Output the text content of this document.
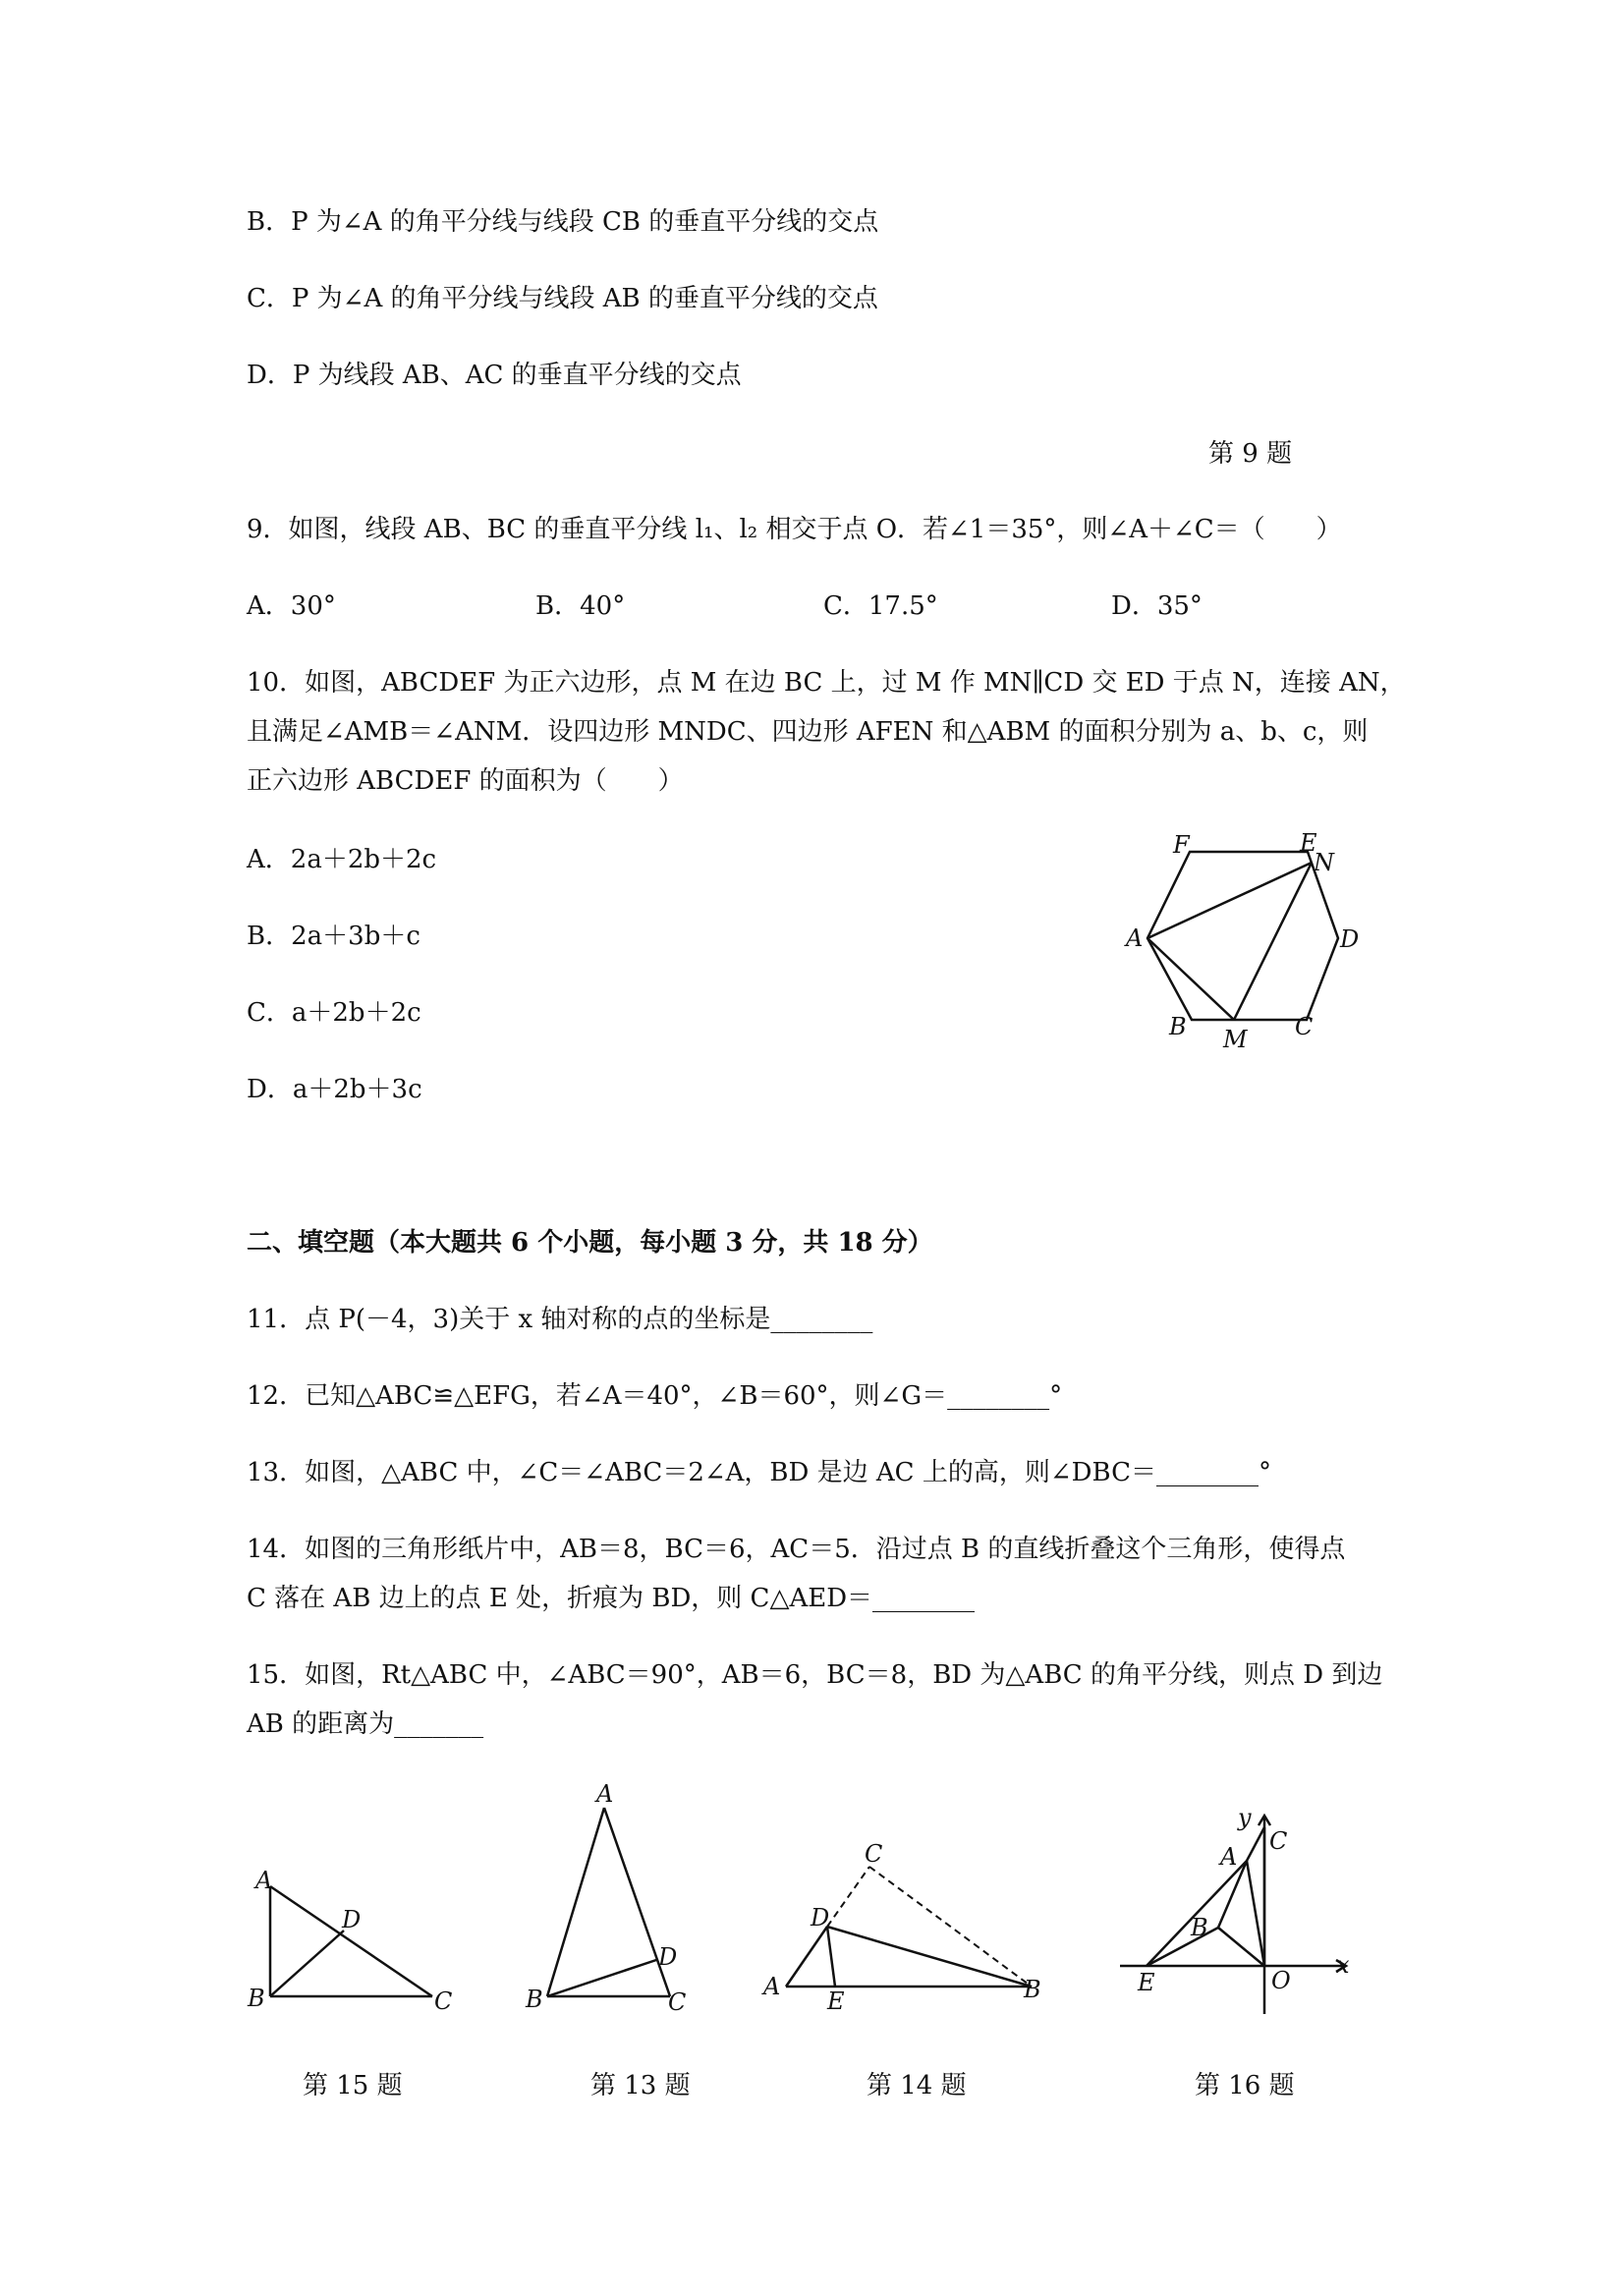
B．P 为∠A 的角平分线与线段 CB 的垂直平分线的交点
C．P 为∠A 的角平分线与线段 AB 的垂直平分线的交点
D．P 为线段 AB、AC 的垂直平分线的交点
第 9 题
9．如图，线段 AB、BC 的垂直平分线 l₁、l₂ 相交于点 O．若∠1＝35°，则∠A＋∠C＝（　　）
A．30°	B．40°	C．17.5°	D．35°
10．如图，ABCDEF 为正六边形，点 M 在边 BC 上，过 M 作 MN∥CD 交 ED 于点 N，连接 AN，
且满足∠AMB＝∠ANM．设四边形 MNDC、四边形 AFEN 和△ABM 的面积分别为 a、b、c，则
正六边形 ABCDEF 的面积为（　　）
A．2a＋2b＋2c
B．2a＋3b＋c
C．a＋2b＋2c
D．a＋2b＋3c
F	E
N
A	D
B M C
二、填空题（本大题共 6 个小题，每小题 3 分，共 18 分）
11．点 P(－4，3)关于 x 轴对称的点的坐标是________
12．已知△ABC≌△EFG，若∠A＝40°，∠B＝60°，则∠G＝________°
13．如图，△ABC 中，∠C＝∠ABC＝2∠A，BD 是边 AC 上的高，则∠DBC＝________°
14．如图的三角形纸片中，AB＝8，BC＝6，AC＝5．沿过点 B 的直线折叠这个三角形，使得点
C 落在 AB 边上的点 E 处，折痕为 BD，则 C△AED＝________
15．如图，Rt△ABC 中，∠ABC＝90°，AB＝6，BC＝8，BD 为△ABC 的角平分线，则点 D 到边
AB 的距离为_______
A
D
B	C
A
D
B	C
C
D
A
E	B
y
C
A
B
E	O
x
第 15 题	第 13 题	第 14 题	第 16 题
